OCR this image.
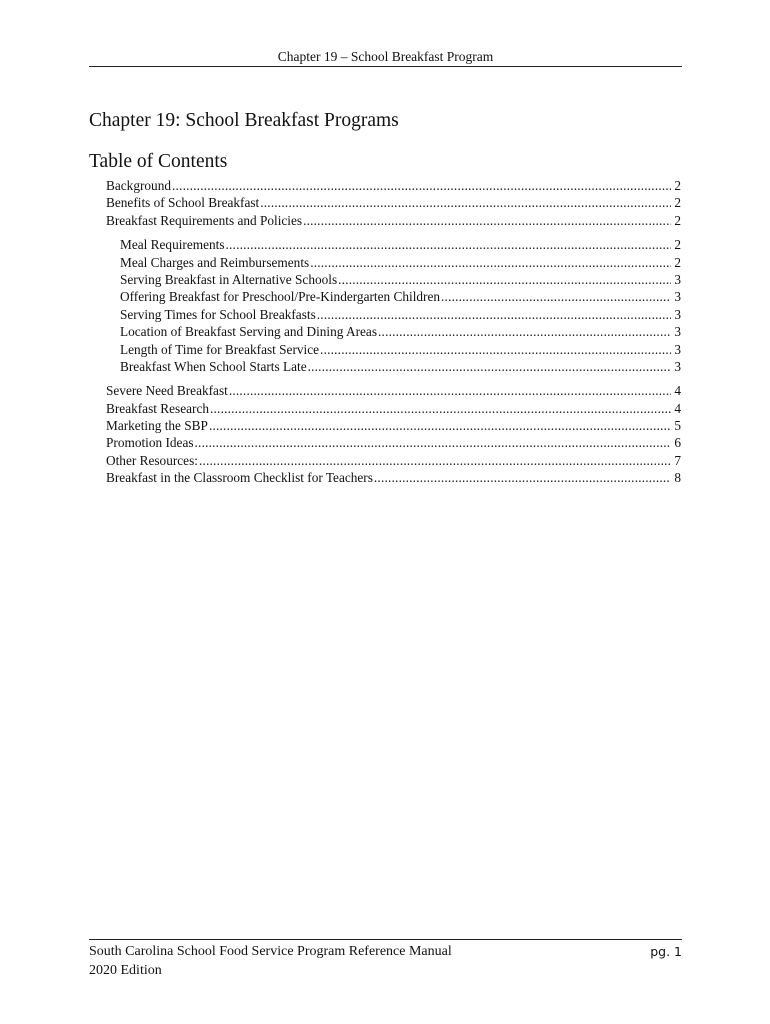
Chapter 19 – School Breakfast Program
Chapter 19: School Breakfast Programs
Table of Contents
Background .....	2
Benefits of School Breakfast .....	2
Breakfast Requirements and Policies .....	2
Meal Requirements .....	2
Meal Charges and Reimbursements .....	2
Serving Breakfast in Alternative Schools .....	3
Offering Breakfast for Preschool/Pre-Kindergarten Children .....	3
Serving Times for School Breakfasts .....	3
Location of Breakfast Serving and Dining Areas .....	3
Length of Time for Breakfast Service .....	3
Breakfast When School Starts Late .....	3
Severe Need Breakfast .....	4
Breakfast Research .....	4
Marketing the SBP .....	5
Promotion Ideas .....	6
Other Resources: .....	7
Breakfast in the Classroom Checklist for Teachers .....	8
South Carolina School Food Service Program Reference Manual
2020 Edition
pg. 1
